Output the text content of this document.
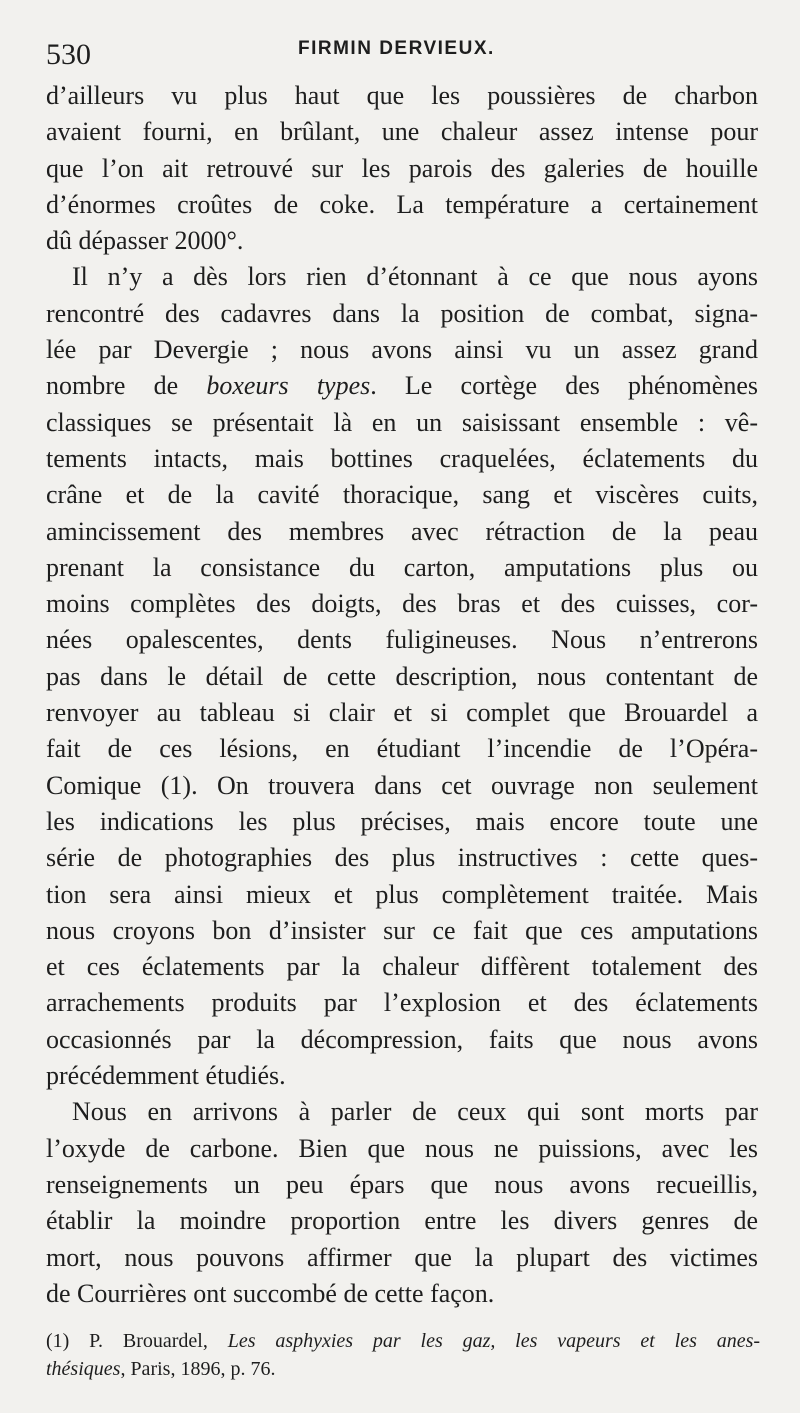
530	FIRMIN DERVIEUX.

d’ailleurs vu plus haut que les poussières de charbon
avaient fourni, en brûlant, une chaleur assez intense pour
que l’on ait retrouvé sur les parois des galeries de houille
d’énormes croûtes de coke. La température a certainement
dû dépasser 2000°.

Il n’y a dès lors rien d’étonnant à ce que nous ayons
rencontré des cadavres dans la position de combat, signa-
lée par Devergie ; nous avons ainsi vu un assez grand
nombre de boxeurs types. Le cortège des phénomènes
classiques se présentait là en un saisissant ensemble : vê-
tements intacts, mais bottines craquelées, éclatements du
crâne et de la cavité thoracique, sang et viscères cuits,
amincissement des membres avec rétraction de la peau
prenant la consistance du carton, amputations plus ou
moins complètes des doigts, des bras et des cuisses, cor-
nées opalescentes, dents fuligineuses. Nous n’entrerons
pas dans le détail de cette description, nous contentant de
renvoyer au tableau si clair et si complet que Brouardel a
fait de ces lésions, en étudiant l’incendie de l’Opéra-
Comique (1). On trouvera dans cet ouvrage non seulement
les indications les plus précises, mais encore toute une
série de photographies des plus instructives : cette ques-
tion sera ainsi mieux et plus complètement traitée. Mais
nous croyons bon d’insister sur ce fait que ces amputations
et ces éclatements par la chaleur diffèrent totalement des
arrachements produits par l’explosion et des éclatements
occasionnés par la décompression, faits que nous avons
précédemment étudiés.

Nous en arrivons à parler de ceux qui sont morts par
l’oxyde de carbone. Bien que nous ne puissions, avec les
renseignements un peu épars que nous avons recueillis,
établir la moindre proportion entre les divers genres de
mort, nous pouvons affirmer que la plupart des victimes
de Courrières ont succombé de cette façon.

(1) P. Brouardel, Les asphyxies par les gaz, les vapeurs et les anes-
thésiques, Paris, 1896, p. 76.
